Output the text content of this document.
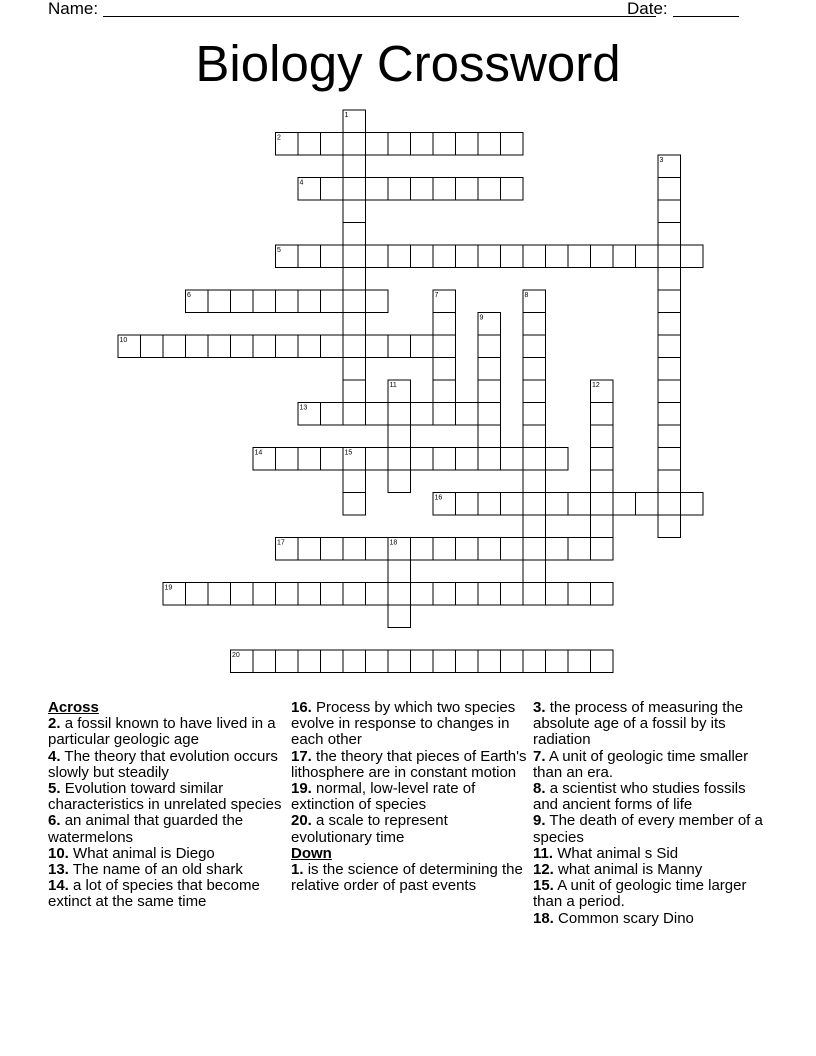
Name:	Date:
Biology Crossword
1
2
3
4
5
6	7	8
9
10
11	12
13
14	15
16
17	18
19
20
Across

2. a fossil known to have lived in a particular geologic age

4. The theory that evolution occurs slowly but steadily

5. Evolution toward similar characteristics in unrelated species

6. an animal that guarded the watermelons

10. What animal is Diego

13. The name of an old shark

14. a lot of species that become extinct at the same time

16. Process by which two species evolve in response to changes in each other

17. the theory that pieces of Earth's lithosphere are in constant motion

19. normal, low-level rate of extinction of species

20. a scale to represent evolutionary time

Down

1. is the science of determining the relative order of past events

3. the process of measuring the absolute age of a fossil by its radiation

7. A unit of geologic time smaller than an era.

8. a scientist who studies fossils and ancient forms of life

9. The death of every member of a species

11. What animal s Sid

12. what animal is Manny

15. A unit of geologic time larger than a period.

18. Common scary Dino
